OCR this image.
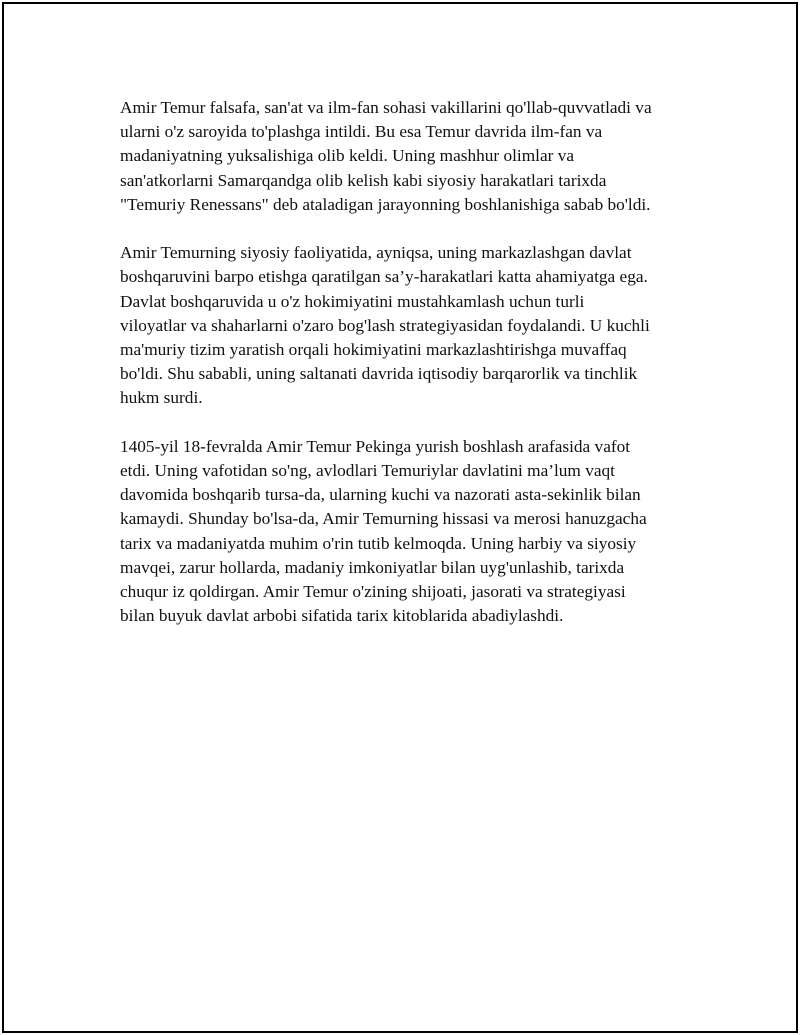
Amir Temur falsafa, san'at va ilm-fan sohasi vakillarini qo'llab-quvvatladi va
ularni o'z saroyida to'plashga intildi. Bu esa Temur davrida ilm-fan va
madaniyatning yuksalishiga olib keldi. Uning mashhur olimlar va
san'atkorlarni Samarqandga olib kelish kabi siyosiy harakatlari tarixda
"Temuriy Renessans" deb ataladigan jarayonning boshlanishiga sabab bo'ldi.

Amir Temurning siyosiy faoliyatida, ayniqsa, uning markazlashgan davlat
boshqaruvini barpo etishga qaratilgan sa’y-harakatlari katta ahamiyatga ega.
Davlat boshqaruvida u o'z hokimiyatini mustahkamlash uchun turli
viloyatlar va shaharlarni o'zaro bog'lash strategiyasidan foydalandi. U kuchli
ma'muriy tizim yaratish orqali hokimiyatini markazlashtirishga muvaffaq
bo'ldi. Shu sababli, uning saltanati davrida iqtisodiy barqarorlik va tinchlik
hukm surdi.

1405-yil 18-fevralda Amir Temur Pekinga yurish boshlash arafasida vafot
etdi. Uning vafotidan so'ng, avlodlari Temuriylar davlatini ma’lum vaqt
davomida boshqarib tursa-da, ularning kuchi va nazorati asta-sekinlik bilan
kamaydi. Shunday bo'lsa-da, Amir Temurning hissasi va merosi hanuzgacha
tarix va madaniyatda muhim o'rin tutib kelmoqda. Uning harbiy va siyosiy
mavqei, zarur hollarda, madaniy imkoniyatlar bilan uyg'unlashib, tarixda
chuqur iz qoldirgan. Amir Temur o'zining shijoati, jasorati va strategiyasi
bilan buyuk davlat arbobi sifatida tarix kitoblarida abadiylashdi.
